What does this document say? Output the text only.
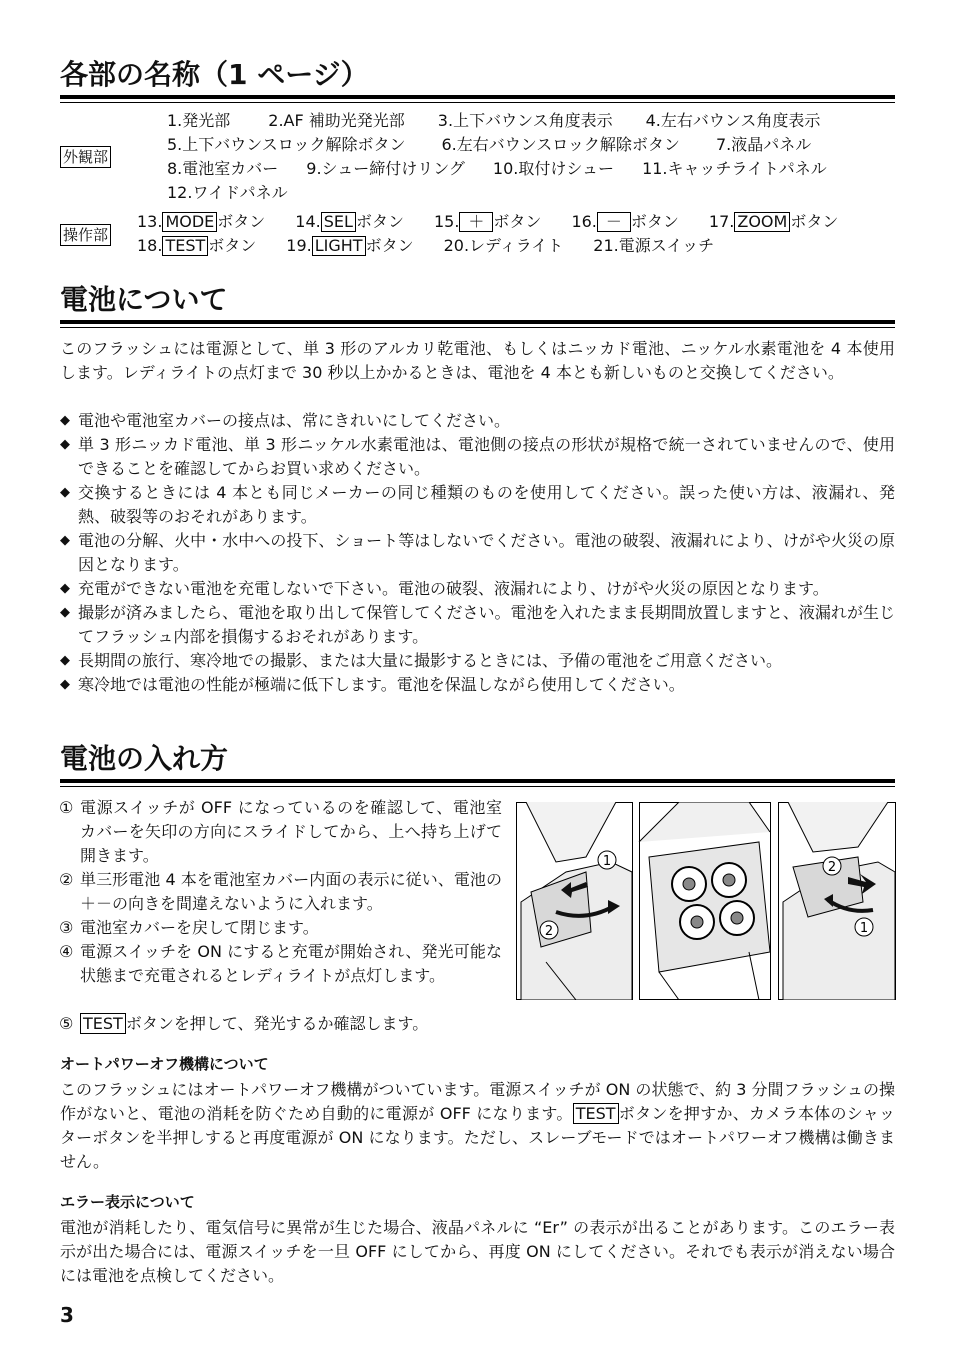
各部の名称（1 ページ）
外観部
1.発光部 2.AF 補助光発光部 3.上下バウンス角度表示 4.左右バウンス角度表示
5.上下バウンスロック解除ボタン 6.左右バウンスロック解除ボタン 7.液晶パネル
8.電池室カバー 9.シュー締付けリング 10.取付けシュー 11.キャッチライトパネル
12.ワイドパネル
操作部
13. MODE ボタン 14. SEL ボタン 15. ＋ ボタン 16. － ボタン 17. ZOOM ボタン
18. TEST ボタン 19. LIGHT ボタン 20.レディライト 21.電源スイッチ
電池について
このフラッシュには電源として、単 3 形のアルカリ乾電池、もしくはニッカド電池、ニッケル水素電池を 4 本使用します。レディライトの点灯まで 30 秒以上かかるときは、電池を 4 本とも新しいものと交換してください。
◆ 電池や電池室カバーの接点は、常にきれいにしてください。
◆ 単 3 形ニッカド電池、単 3 形ニッケル水素電池は、電池側の接点の形状が規格で統一されていませんので、使用できることを確認してからお買い求めください。
◆ 交換するときには 4 本とも同じメーカーの同じ種類のものを使用してください。誤った使い方は、液漏れ、発熱、破裂等のおそれがあります。
◆ 電池の分解、火中・水中への投下、ショート等はしないでください。電池の破裂、液漏れにより、けがや火災の原因となります。
◆ 充電ができない電池を充電しないで下さい。電池の破裂、液漏れにより、けがや火災の原因となります。
◆ 撮影が済みましたら、電池を取り出して保管してください。電池を入れたまま長期間放置しますと、液漏れが生じてフラッシュ内部を損傷するおそれがあります。
◆ 長期間の旅行、寒冷地での撮影、または大量に撮影するときには、予備の電池をご用意ください。
◆ 寒冷地では電池の性能が極端に低下します。電池を保温しながら使用してください。
電池の入れ方
① 電源スイッチが OFF になっているのを確認して、電池室カバーを矢印の方向にスライドしてから、上へ持ち上げて開きます。
② 単三形電池 4 本を電池室カバー内面の表示に従い、電池の＋－の向きを間違えないように入れます。
③ 電池室カバーを戻して閉じます。
④ 電源スイッチを ON にすると充電が開始され、発光可能な状態まで充電されるとレディライトが点灯します。
⑤ TEST ボタンを押して、発光するか確認します。
1
2
2
1
オートパワーオフ機構について
このフラッシュにはオートパワーオフ機構がついています。電源スイッチが ON の状態で、約 3 分間フラッシュの操作がないと、電池の消耗を防ぐため自動的に電源が OFF になります。 TEST ボタンを押すか、カメラ本体のシャッターボタンを半押しすると再度電源が ON になります。ただし、スレーブモードではオートパワーオフ機構は働きません。
エラー表示について
電池が消耗したり、電気信号に異常が生じた場合、液晶パネルに “Er” の表示が出ることがあります。このエラー表示が出た場合には、電源スイッチを一旦 OFF にしてから、再度 ON にしてください。それでも表示が消えない場合には電池を点検してください。
3
